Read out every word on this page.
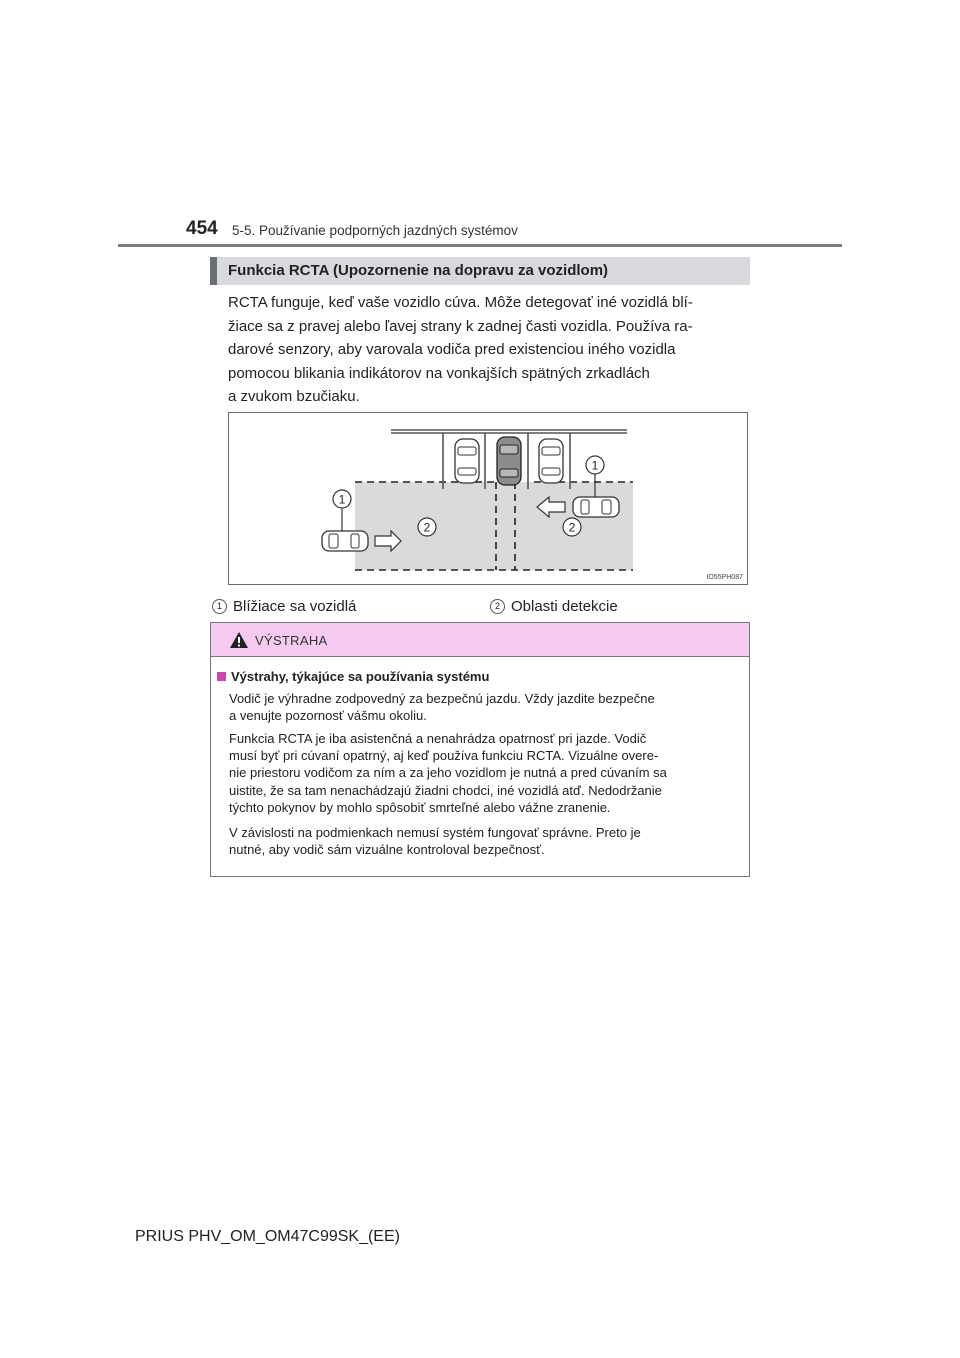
454 5-5. Používanie podporných jazdných systémov
Funkcia RCTA (Upozornenie na dopravu za vozidlom)
RCTA funguje, keď vaše vozidlo cúva. Môže detegovať iné vozidlá blí-
žiace sa z pravej alebo ľavej strany k zadnej časti vozidla. Používa ra-
darové senzory, aby varovala vodiča pred existenciou iného vozidla
pomocou blikania indikátorov na vonkajších spätných zrkadlách
a zvukom bzučiaku.
1
1
2	2
IO55PH087
1 Blížiace sa vozidlá	2 Oblasti detekcie
VÝSTRAHA
Výstrahy, týkajúce sa používania systému
Vodič je výhradne zodpovedný za bezpečnú jazdu. Vždy jazdite bezpečne
a venujte pozornosť vášmu okoliu.
Funkcia RCTA je iba asistenčná a nenahrádza opatrnosť pri jazde. Vodič
musí byť pri cúvaní opatrný, aj keď používa funkciu RCTA. Vizuálne overe-
nie priestoru vodičom za ním a za jeho vozidlom je nutná a pred cúvaním sa
uistite, že sa tam nenachádzajú žiadni chodci, iné vozidlá atď. Nedodržanie
týchto pokynov by mohlo spôsobiť smrteľné alebo vážne zranenie.
V závislosti na podmienkach nemusí systém fungovať správne. Preto je
nutné, aby vodič sám vizuálne kontroloval bezpečnosť.
PRIUS PHV_OM_OM47C99SK_(EE)
